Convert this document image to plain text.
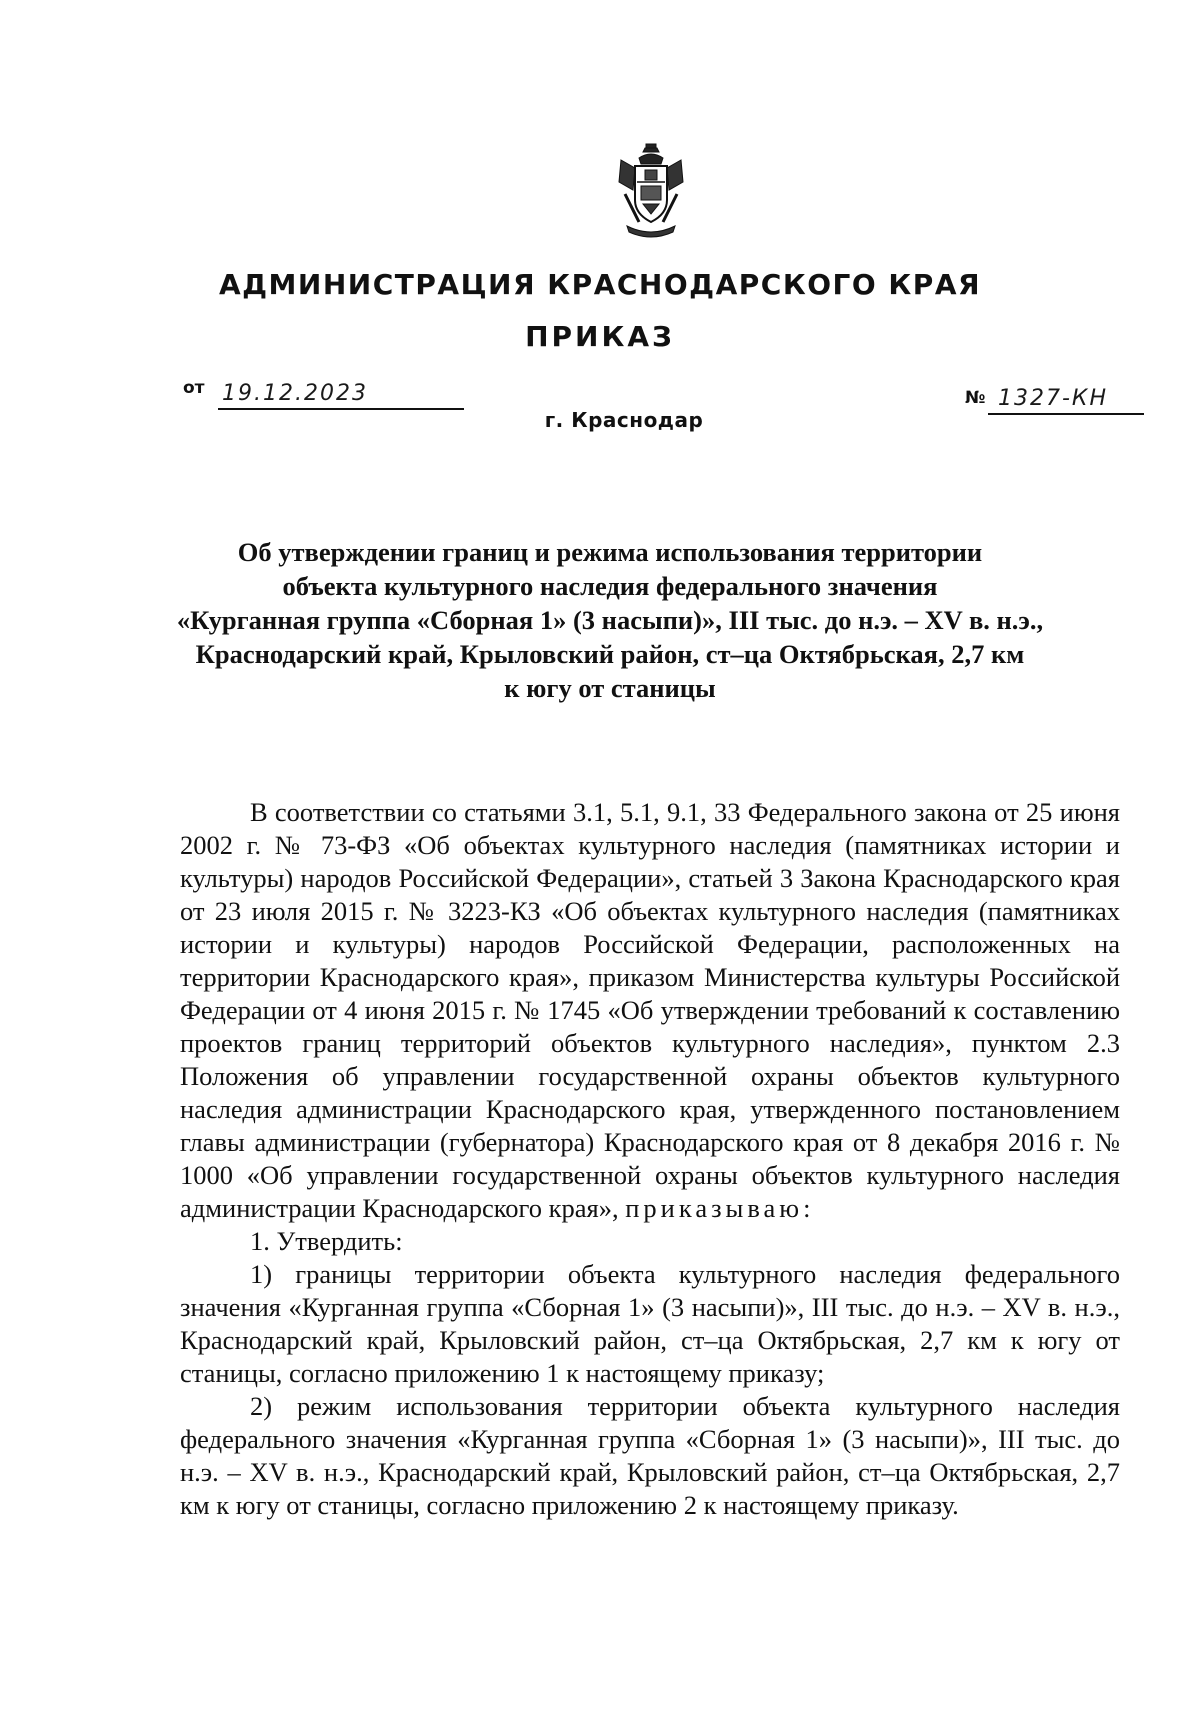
АДМИНИСТРАЦИЯ КРАСНОДАРСКОГО КРАЯ
ПРИКАЗ
от 19.12.2023	№ 1327-КН
г. Краснодар
Об утверждении границ и режима использования территории
объекта культурного наследия федерального значения
«Курганная группа «Сборная 1» (3 насыпи)», III тыс. до н.э. – XV в. н.э.,
Краснодарский край, Крыловский район, ст–ца Октябрьская, 2,7 км
к югу от станицы

В соответствии со статьями 3.1, 5.1, 9.1, 33 Федерального закона от 25 июня 2002 г. № 73-ФЗ «Об объектах культурного наследия (памятниках истории и культуры) народов Российской Федерации», статьей 3 Закона Краснодарского края от 23 июля 2015 г. № 3223-КЗ «Об объектах культурного наследия (памятниках истории и культуры) народов Российской Федерации, расположенных на территории Краснодарского края», приказом Министерства культуры Российской Федерации от 4 июня 2015 г. № 1745 «Об утверждении требований к составлению проектов границ территорий объектов культурного наследия», пунктом 2.3 Положения об управлении государственной охраны объектов культурного наследия администрации Краснодарского края, утвержденного постановлением главы администрации (губернатора) Краснодарского края от 8 декабря 2016 г. № 1000 «Об управлении государственной охраны объектов культурного наследия администрации Краснодарского края», приказываю:

1. Утвердить:

1) границы территории объекта культурного наследия федерального значения «Курганная группа «Сборная 1» (3 насыпи)», III тыс. до н.э. – XV в. н.э., Краснодарский край, Крыловский район, ст–ца Октябрьская, 2,7 км к югу от станицы, согласно приложению 1 к настоящему приказу;

2) режим использования территории объекта культурного наследия федерального значения «Курганная группа «Сборная 1» (3 насыпи)», III тыс. до н.э. – XV в. н.э., Краснодарский край, Крыловский район, ст–ца Октябрьская, 2,7 км к югу от станицы, согласно приложению 2 к настоящему приказу.
